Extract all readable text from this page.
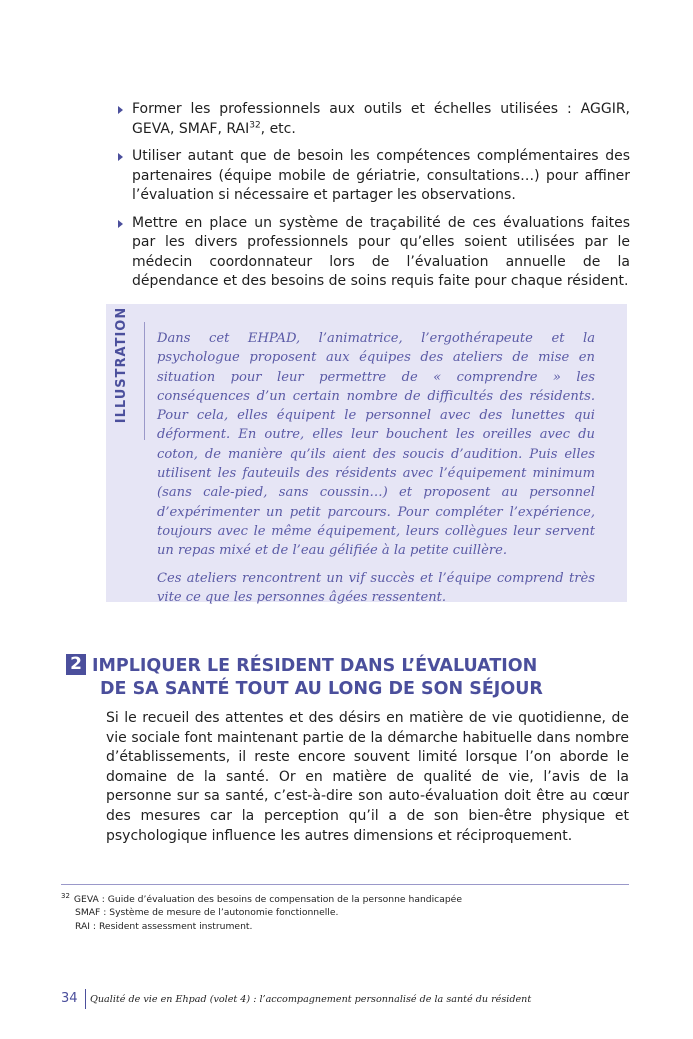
Former les professionnels aux outils et échelles utilisées : AGGIR, GEVA, SMAF, RAI$^{32}$, etc.
Utiliser autant que de besoin les compétences complémentaires des partenaires (équipe mobile de gériatrie, consultations…) pour affiner l’évaluation si nécessaire et partager les observations.
Mettre en place un système de traçabilité de ces évaluations faites par les divers professionnels pour qu’elles soient utilisées par le médecin coordonnateur lors de l’évaluation annuelle de la dépendance et des besoins de soins requis faite pour chaque résident.
ILLUSTRATION Dans cet EHPAD, l’animatrice, l’ergothérapeute et la psychologue proposent aux équipes des ateliers de mise en situation pour leur permettre de « comprendre » les conséquences d’un certain nombre de difficultés des résidents. Pour cela, elles équipent le personnel avec des lunettes qui déforment. En outre, elles leur bouchent les oreilles avec du coton, de manière qu’ils aient des soucis d’audition. Puis elles utilisent les fauteuils des résidents avec l’équipement minimum (sans cale-pied, sans coussin…) et proposent au personnel d’expérimenter un petit parcours. Pour compléter l’expérience, toujours avec le même équipement, leurs collègues leur servent un repas mixé et de l’eau gélifiée à la petite cuillère.

Ces ateliers rencontrent un vif succès et l’équipe comprend très vite ce que les personnes âgées ressentent.

2 IMPLIQUER LE RÉSIDENT DANS L’ÉVALUATION
DE SA SANTÉ TOUT AU LONG DE SON SÉJOUR
Si le recueil des attentes et des désirs en matière de vie quotidienne, de vie sociale font maintenant partie de la démarche habituelle dans nombre d’établissements, il reste encore souvent limité lorsque l’on aborde le domaine de la santé. Or en matière de qualité de vie, l’avis de la personne sur sa santé, c’est-à-dire son auto-évaluation doit être au cœur des mesures car la perception qu’il a de son bien-être physique et psychologique influence les autres dimensions et réciproquement.
$^{32}$ GEVA : Guide d’évaluation des besoins de compensation de la personne handicapée
SMAF : Système de mesure de l’autonomie fonctionnelle.
RAI : Resident assessment instrument.
34 Qualité de vie en Ehpad (volet 4) : l’accompagnement personnalisé de la santé du résident
